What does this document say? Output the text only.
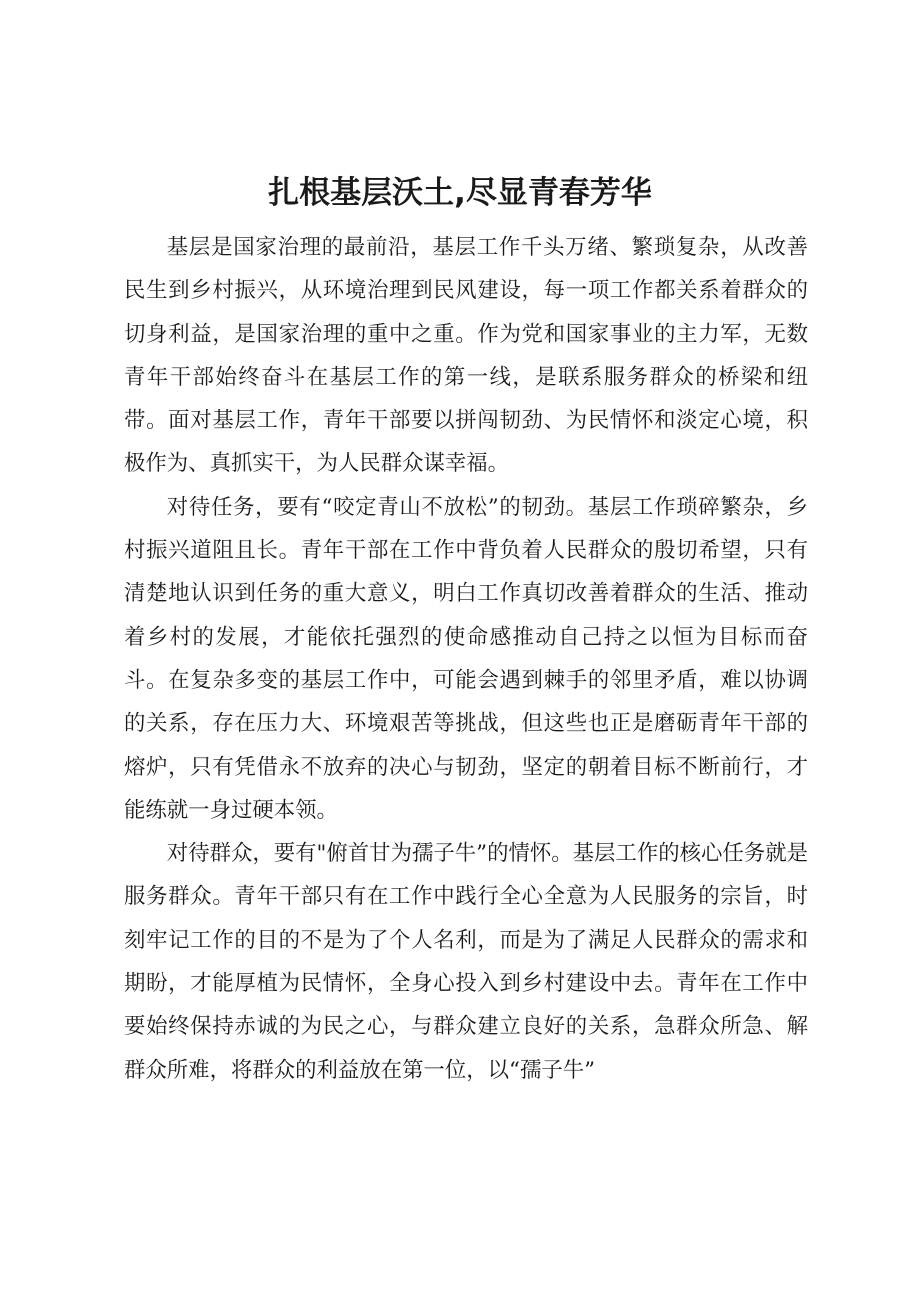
扎根基层沃土,尽显青春芳华

基层是国家治理的最前沿，基层工作千头万绪、繁琐复杂，从改善民生到乡村振兴，从环境治理到民风建设，每一项工作都关系着群众的切身利益，是国家治理的重中之重。作为党和国家事业的主力军，无数青年干部始终奋斗在基层工作的第一线，是联系服务群众的桥梁和纽带。面对基层工作，青年干部要以拼闯韧劲、为民情怀和淡定心境，积极作为、真抓实干，为人民群众谋幸福。

对待任务，要有“咬定青山不放松”的韧劲。基层工作琐碎繁杂，乡村振兴道阻且长。青年干部在工作中背负着人民群众的殷切希望，只有清楚地认识到任务的重大意义，明白工作真切改善着群众的生活、推动着乡村的发展，才能依托强烈的使命感推动自己持之以恒为目标而奋斗。在复杂多变的基层工作中，可能会遇到棘手的邻里矛盾，难以协调的关系，存在压力大、环境艰苦等挑战，但这些也正是磨砺青年干部的熔炉，只有凭借永不放弃的决心与韧劲，坚定的朝着目标不断前行，才能练就一身过硬本领。

对待群众，要有"俯首甘为孺子牛”的情怀。基层工作的核心任务就是服务群众。青年干部只有在工作中践行全心全意为人民服务的宗旨，时刻牢记工作的目的不是为了个人名利，而是为了满足人民群众的需求和期盼，才能厚植为民情怀，全身心投入到乡村建设中去。青年在工作中要始终保持赤诚的为民之心，与群众建立良好的关系，急群众所急、解群众所难，将群众的利益放在第一位，以“孺子牛”
